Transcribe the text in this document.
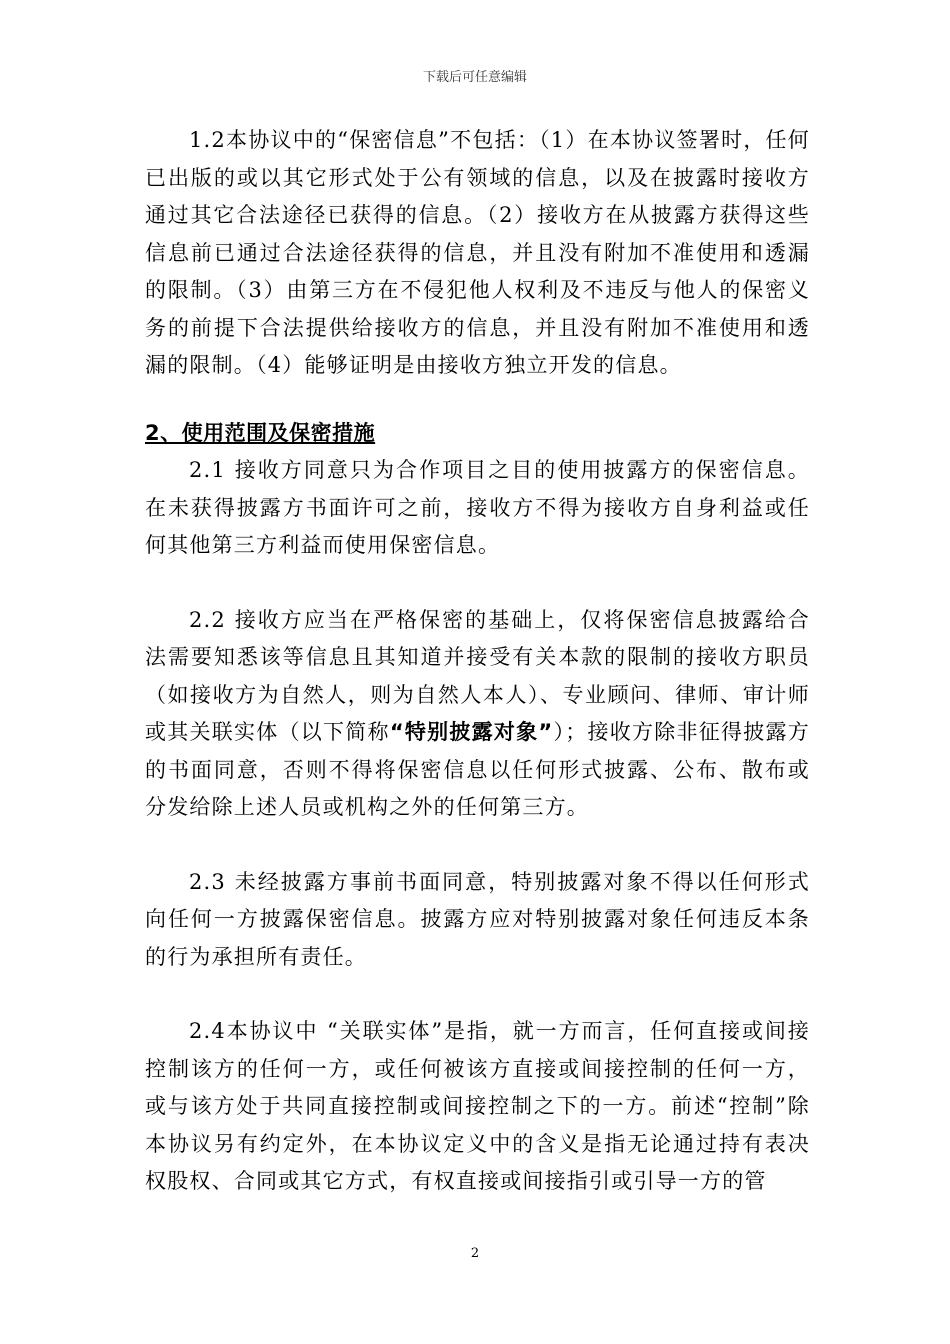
下载后可任意编辑

1.2本协议中的“保密信息”不包括：（1）在本协议签署时，任何已出版的或以其它形式处于公有领域的信息，以及在披露时接收方通过其它合法途径已获得的信息。（2）接收方在从披露方获得这些信息前已通过合法途径获得的信息，并且没有附加不准使用和透漏的限制。（3）由第三方在不侵犯他人权利及不违反与他人的保密义务的前提下合法提供给接收方的信息，并且没有附加不准使用和透漏的限制。（4）能够证明是由接收方独立开发的信息。

2、使用范围及保密措施

2.1 接收方同意只为合作项目之目的使用披露方的保密信息。在未获得披露方书面许可之前，接收方不得为接收方自身利益或任何其他第三方利益而使用保密信息。

2.2 接收方应当在严格保密的基础上，仅将保密信息披露给合法需要知悉该等信息且其知道并接受有关本款的限制的接收方职员（如接收方为自然人，则为自然人本人）、专业顾问、律师、审计师或其关联实体（以下简称“特别披露对象”）；接收方除非征得披露方的书面同意，否则不得将保密信息以任何形式披露、公布、散布或分发给除上述人员或机构之外的任何第三方。

2.3 未经披露方事前书面同意，特别披露对象不得以任何形式向任何一方披露保密信息。披露方应对特别披露对象任何违反本条的行为承担所有责任。

2.4本协议中 “关联实体”是指，就一方而言，任何直接或间接控制该方的任何一方，或任何被该方直接或间接控制的任何一方，或与该方处于共同直接控制或间接控制之下的一方。前述“控制”除本协议另有约定外，在本协议定义中的含义是指无论通过持有表决权股权、合同或其它方式，有权直接或间接指引或引导一方的管

2
